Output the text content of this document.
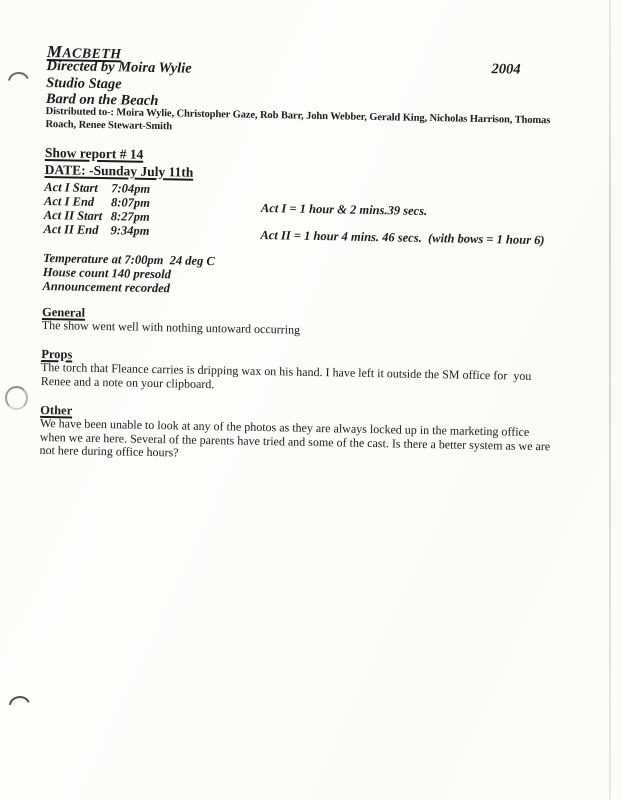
MACBETH
Directed by Moira Wylie	2004
Studio Stage
Bard on the Beach
Distributed to-: Moira Wylie, Christopher Gaze, Rob Barr, John Webber, Gerald King, Nicholas Harrison, Thomas
Roach, Renee Stewart-Smith
Show report # 14
DATE: -Sunday July 11th
Act I Start 7:04pm
Act I End 8:07pm
Act II Start 8:27pm
Act II End 9:34pm
Act I = 1 hour & 2 mins.39 secs.
Act II = 1 hour 4 mins. 46 secs.  (with bows = 1 hour 6)
Temperature at 7:00pm  24 deg C
House count 140 presold
Announcement recorded
General
The show went well with nothing untoward occurring
Props
The torch that Fleance carries is dripping wax on his hand. I have left it outside the SM office for  you
Renee and a note on your clipboard.
Other
We have been unable to look at any of the photos as they are always locked up in the marketing office
when we are here. Several of the parents have tried and some of the cast. Is there a better system as we are
not here during office hours?
